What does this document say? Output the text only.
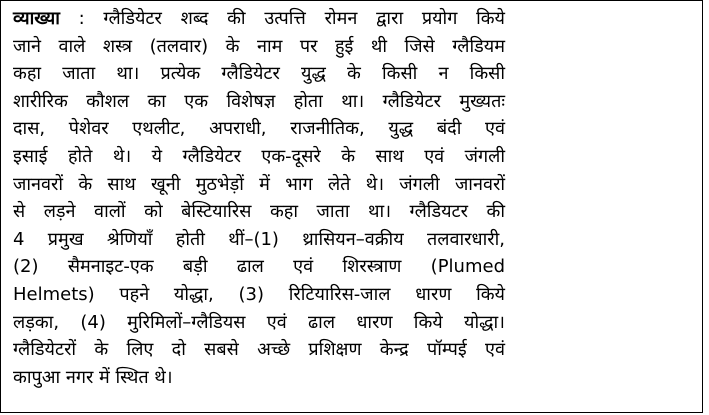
व्याख्या : ग्लैडियेटर शब्द की उत्पत्ति रोमन द्वारा प्रयोग किये
जाने वाले शस्त्र (तलवार) के नाम पर हुई थी जिसे ग्लैडियम
कहा जाता था। प्रत्येक ग्लैडियेटर युद्ध के किसी न किसी
शारीरिक कौशल का एक विशेषज्ञ होता था। ग्लैडियेटर मुख्यतः
दास, पेशेवर एथलीट, अपराधी, राजनीतिक, युद्ध बंदी एवं
इसाई होते थे। ये ग्लैडियेटर एक-दूसरे के साथ एवं जंगली
जानवरों के साथ खूनी मुठभेड़ों में भाग लेते थे। जंगली जानवरों
से लड़ने वालों को बेस्टियारिस कहा जाता था। ग्लैडियटर की
4 प्रमुख श्रेणियाँ होती थीं–(1) थ्रासियन–वक्रीय तलवारधारी,
(2) सैमनाइट-एक बड़ी ढाल एवं शिरस्त्राण (Plumed
Helmets) पहने योद्धा, (3) रिटियारिस-जाल धारण किये
लड़का, (4) मुरिमिलों–ग्लैडियस एवं ढाल धारण किये योद्धा।
ग्लैडियेटरों के लिए दो सबसे अच्छे प्रशिक्षण केन्द्र पॉम्पई एवं
कापुआ नगर में स्थित थे।
